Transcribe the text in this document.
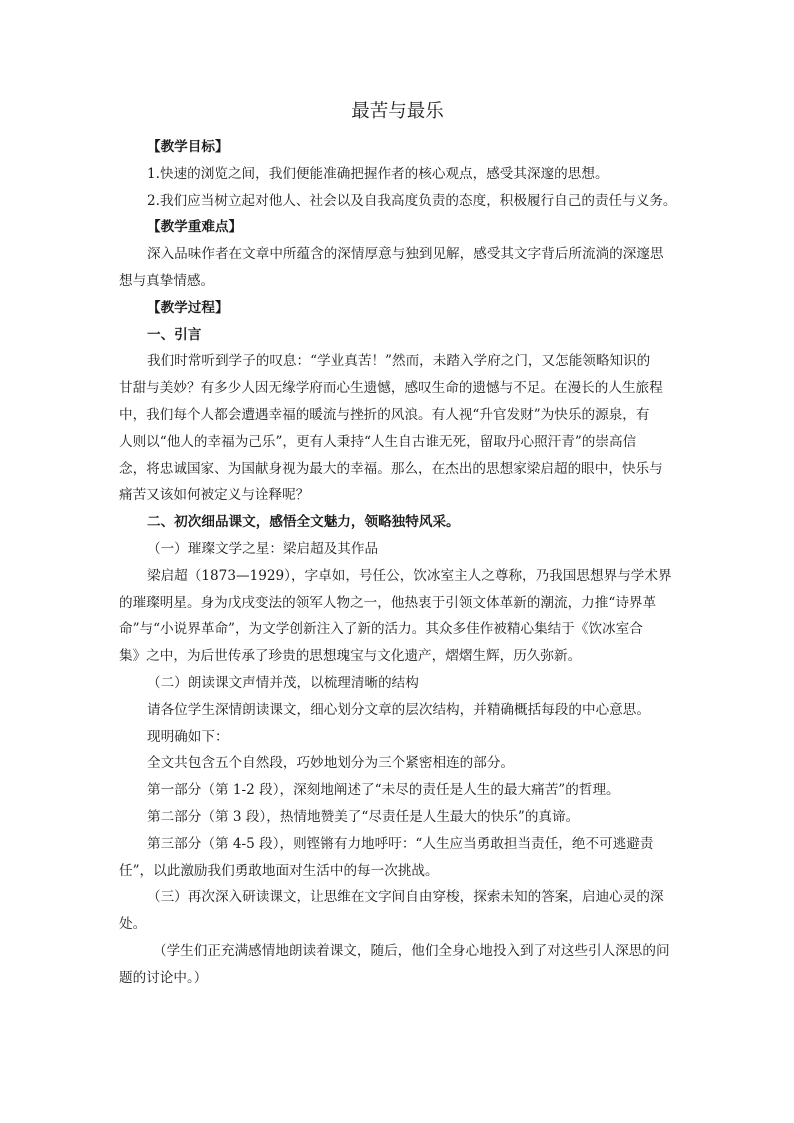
最苦与最乐

【教学目标】

1.快速的浏览之间，我们便能准确把握作者的核心观点，感受其深邃的思想。

2.我们应当树立起对他人、社会以及自我高度负责的态度，积极履行自己的责任与义务。

【教学重难点】

深入品味作者在文章中所蕴含的深情厚意与独到见解，感受其文字背后所流淌的深邃思

想与真挚情感。

【教学过程】

一、引言

我们时常听到学子的叹息：“学业真苦！”然而，未踏入学府之门，又怎能领略知识的

甘甜与美妙？有多少人因无缘学府而心生遗憾，感叹生命的遗憾与不足。在漫长的人生旅程

中，我们每个人都会遭遇幸福的暖流与挫折的风浪。有人视“升官发财”为快乐的源泉，有

人则以“他人的幸福为己乐”，更有人秉持“人生自古谁无死，留取丹心照汗青”的崇高信

念，将忠诚国家、为国献身视为最大的幸福。那么，在杰出的思想家梁启超的眼中，快乐与

痛苦又该如何被定义与诠释呢？

二、初次细品课文，感悟全文魅力，领略独特风采。

（一）璀璨文学之星：梁启超及其作品

梁启超（1873—1929），字卓如，号任公，饮冰室主人之尊称，乃我国思想界与学术界

的璀璨明星。身为戊戌变法的领军人物之一，他热衷于引领文体革新的潮流，力推“诗界革

命”与“小说界革命”，为文学创新注入了新的活力。其众多佳作被精心集结于《饮冰室合

集》之中，为后世传承了珍贵的思想瑰宝与文化遗产，熠熠生辉，历久弥新。

（二）朗读课文声情并茂，以梳理清晰的结构

请各位学生深情朗读课文，细心划分文章的层次结构，并精确概括每段的中心意思。

现明确如下：

全文共包含五个自然段，巧妙地划分为三个紧密相连的部分。

第一部分（第 1-2 段），深刻地阐述了“未尽的责任是人生的最大痛苦”的哲理。

第二部分（第 3 段），热情地赞美了“尽责任是人生最大的快乐”的真谛。

第三部分（第 4-5 段），则铿锵有力地呼吁：“人生应当勇敢担当责任，绝不可逃避责

任”，以此激励我们勇敢地面对生活中的每一次挑战。

（三）再次深入研读课文，让思维在文字间自由穿梭，探索未知的答案，启迪心灵的深

处。

（学生们正充满感情地朗读着课文，随后，他们全身心地投入到了对这些引人深思的问

题的讨论中。）
